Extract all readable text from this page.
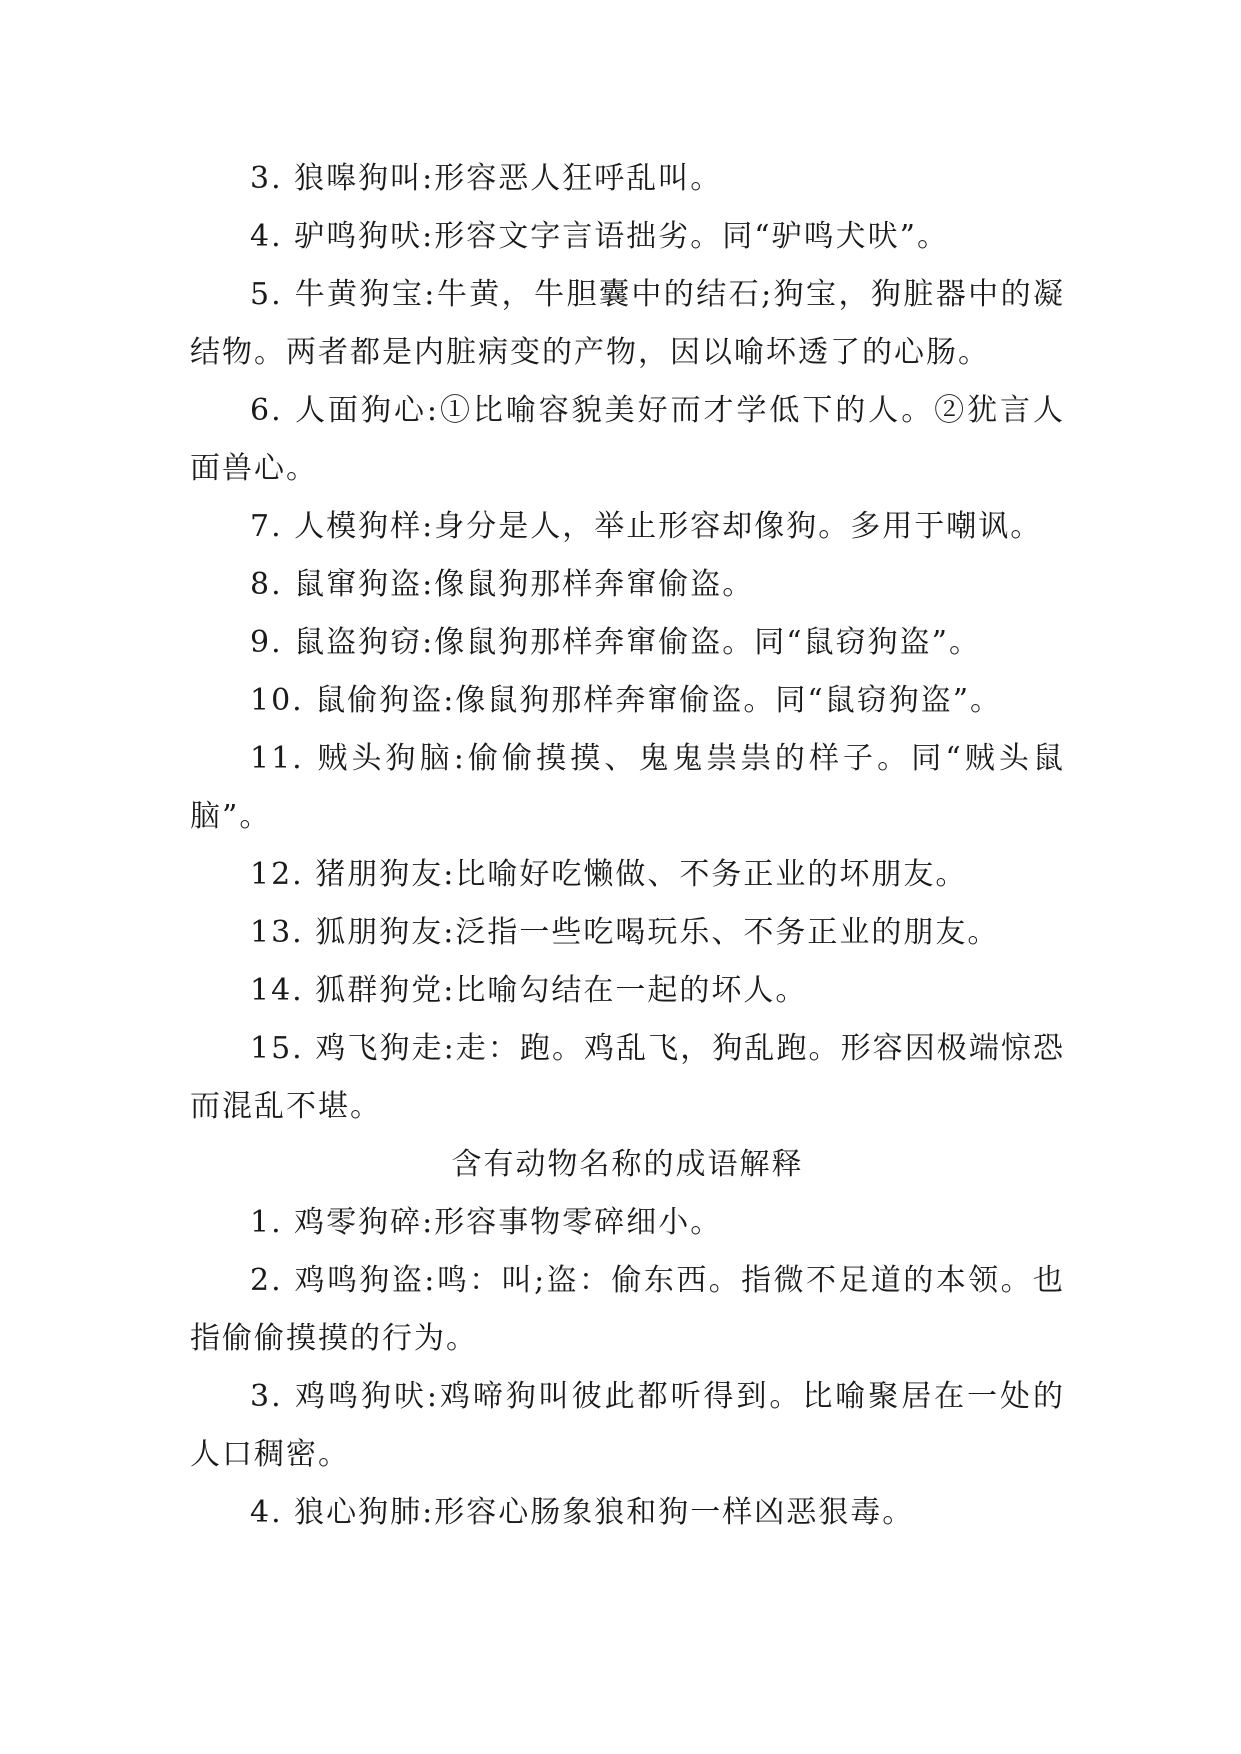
3. 狼嗥狗叫:形容恶人狂呼乱叫。

4. 驴鸣狗吠:形容文字言语拙劣。同“驴鸣犬吠”。

5. 牛黄狗宝:牛黄，牛胆囊中的结石;狗宝，狗脏器中的凝结物。两者都是内脏病变的产物，因以喻坏透了的心肠。

6. 人面狗心:①比喻容貌美好而才学低下的人。②犹言人面兽心。

7. 人模狗样:身分是人，举止形容却像狗。多用于嘲讽。

8. 鼠窜狗盗:像鼠狗那样奔窜偷盗。

9. 鼠盗狗窃:像鼠狗那样奔窜偷盗。同“鼠窃狗盗”。

10. 鼠偷狗盗:像鼠狗那样奔窜偷盗。同“鼠窃狗盗”。

11. 贼头狗脑:偷偷摸摸、鬼鬼祟祟的样子。同“贼头鼠脑”。

12. 猪朋狗友:比喻好吃懒做、不务正业的坏朋友。

13. 狐朋狗友:泛指一些吃喝玩乐、不务正业的朋友。

14. 狐群狗党:比喻勾结在一起的坏人。

15. 鸡飞狗走:走：跑。鸡乱飞，狗乱跑。形容因极端惊恐而混乱不堪。

含有动物名称的成语解释

1. 鸡零狗碎:形容事物零碎细小。

2. 鸡鸣狗盗:鸣：叫;盗：偷东西。指微不足道的本领。也指偷偷摸摸的行为。

3. 鸡鸣狗吠:鸡啼狗叫彼此都听得到。比喻聚居在一处的人口稠密。

4. 狼心狗肺:形容心肠象狼和狗一样凶恶狠毒。
